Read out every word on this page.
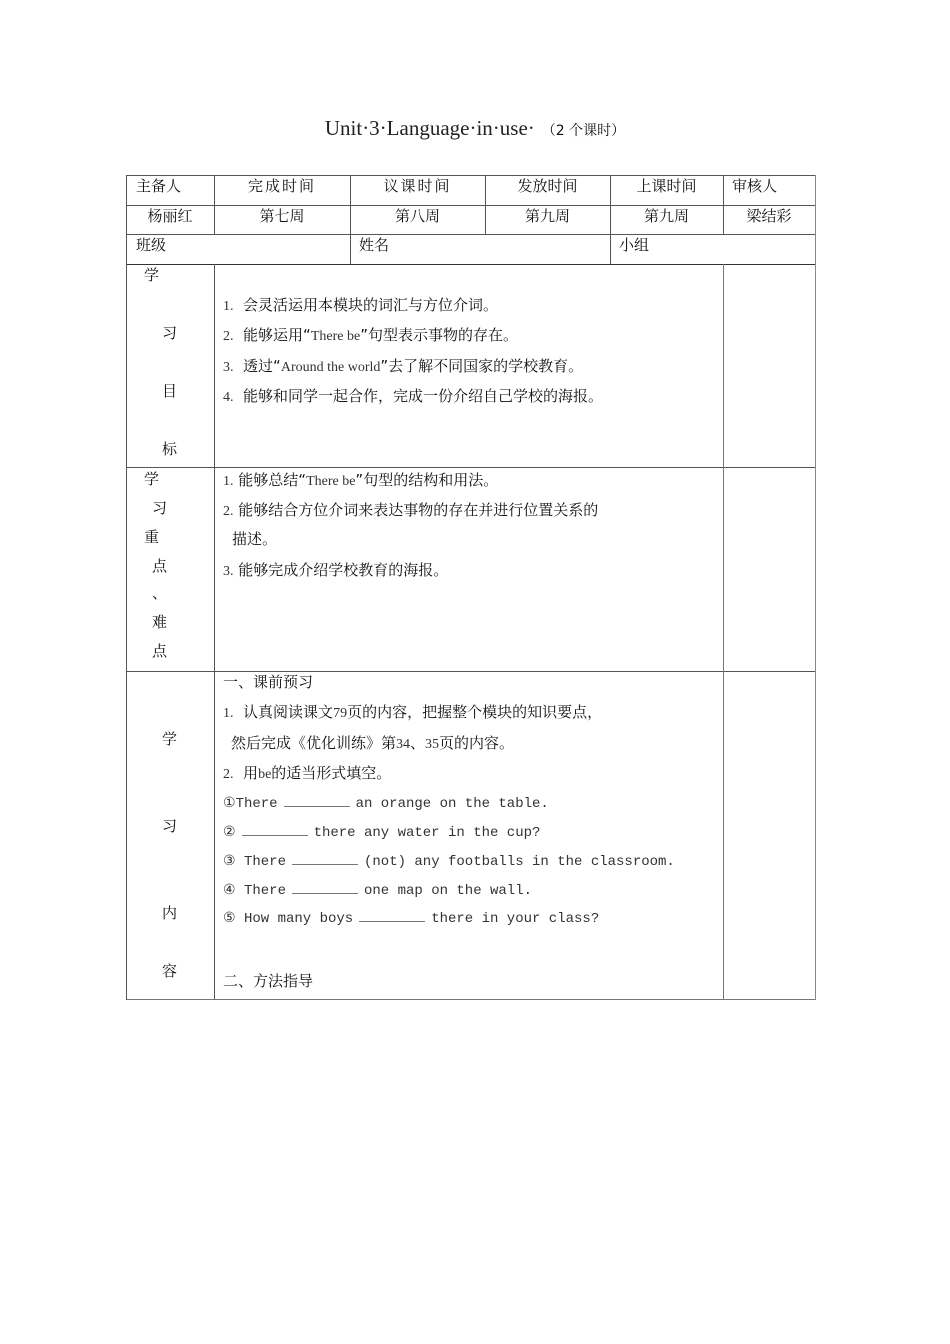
Unit·3·Language·in·use· （2 个课时）
主备人	完成时间	议课时间	发放时间	上课时间	审核人
杨丽红	第七周	第八周	第九周	第九周	梁结彩
班级	姓名	小组
学
习
目
标
1. 会灵活运用本模块的词汇与方位介词。
2. 能够运用“There be”句型表示事物的存在。
3. 透过“Around the world”去了解不同国家的学校教育。
4. 能够和同学一起合作，完成一份介绍自己学校的海报。
学
习
重
点
、
难
点
1. 能够总结“There be”句型的结构和用法。
2. 能够结合方位介词来表达事物的存在并进行位置关系的
描述。
3. 能够完成介绍学校教育的海报。
学
习
内
容
一、课前预习
1. 认真阅读课文79页的内容，把握整个模块的知识要点，
然后完成《优化训练》第34、35页的内容。
2. 用be的适当形式填空。
①There	an orange on the table.
②	there any water in the cup?
③ There	(not) any footballs in the classroom.
④ There	one map on the wall.
⑤ How many boys	there in your class?
二、方法指导
